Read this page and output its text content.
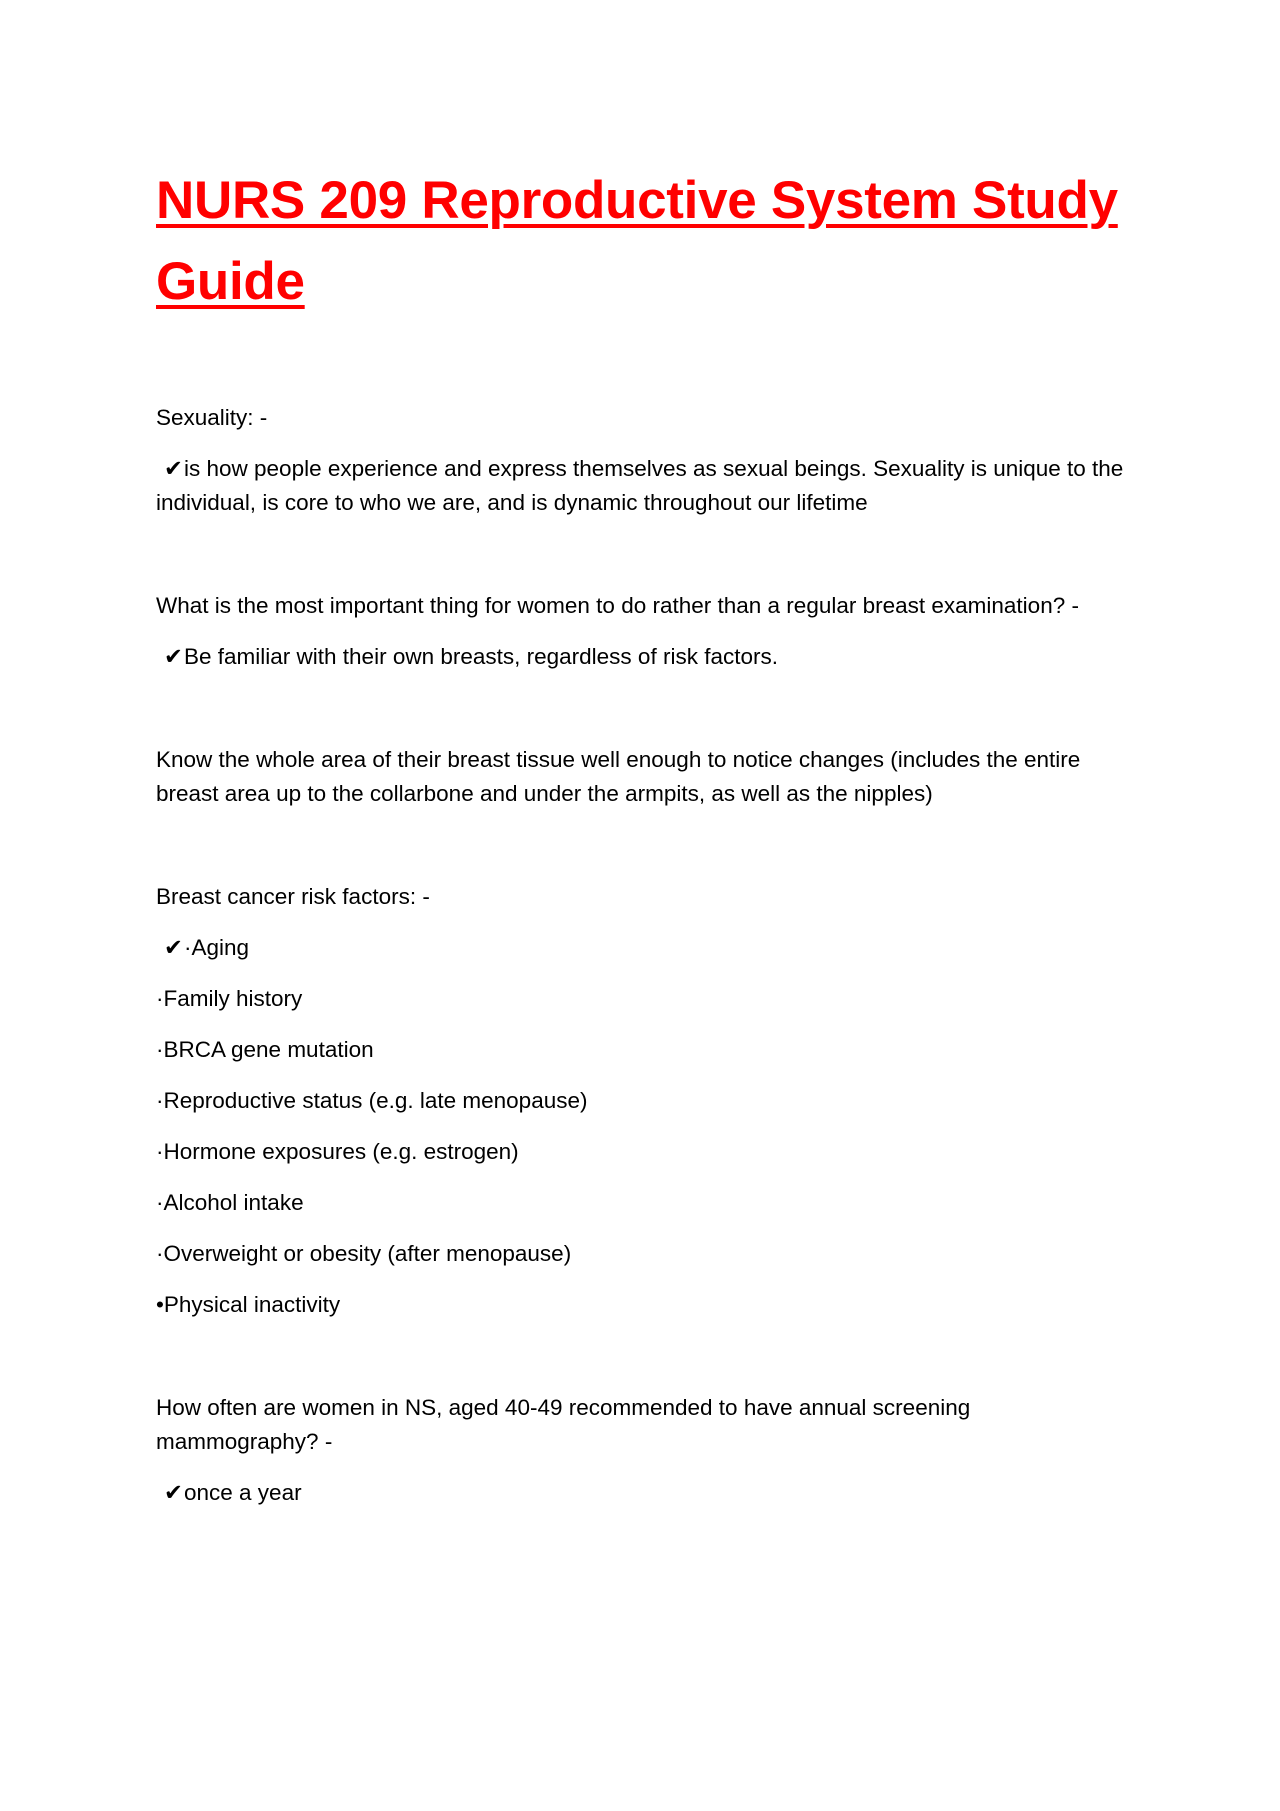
NURS 209 Reproductive System Study Guide

Sexuality: -

✔is how people experience and express themselves as sexual beings. Sexuality is unique to the individual, is core to who we are, and is dynamic throughout our lifetime

What is the most important thing for women to do rather than a regular breast examination? -

✔Be familiar with their own breasts, regardless of risk factors.

Know the whole area of their breast tissue well enough to notice changes (includes the entire breast area up to the collarbone and under the armpits, as well as the nipples)

Breast cancer risk factors: -

✔·Aging

·Family history

·BRCA gene mutation

·Reproductive status (e.g. late menopause)

·Hormone exposures (e.g. estrogen)

·Alcohol intake

·Overweight or obesity (after menopause)

•Physical inactivity

How often are women in NS, aged 40-49 recommended to have annual screening mammography? -

✔once a year
